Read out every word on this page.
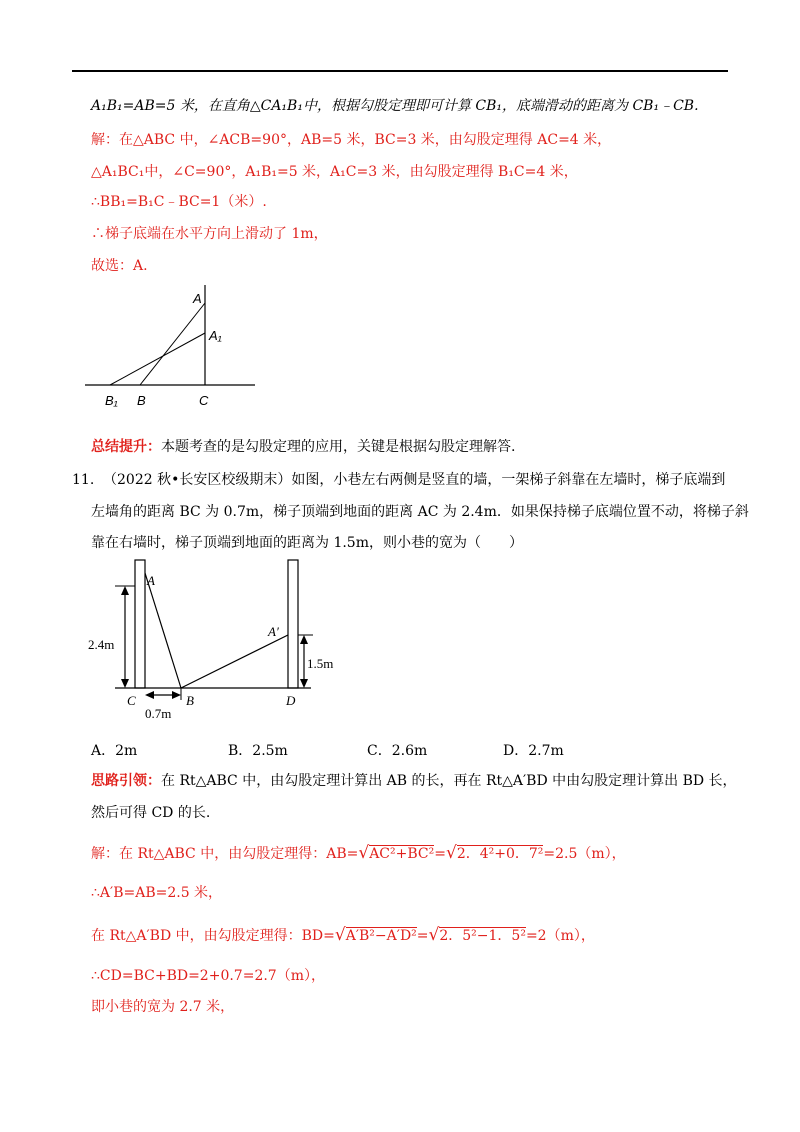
A₁B₁=AB=5 米，在直角△CA₁B₁中，根据勾股定理即可计算 CB₁，底端滑动的距离为 CB₁﹣CB.
解：在△ABC 中，∠ACB=90°，AB=5 米，BC=3 米，由勾股定理得 AC=4 米，
△A₁BC₁中，∠C=90°，A₁B₁=5 米，A₁C=3 米，由勾股定理得 B₁C=4 米，
∴BB₁=B₁C﹣BC=1（米）.
∴梯子底端在水平方向上滑动了 1m，
故选：A.
A
A₁
B₁ B	C
总结提升：本题考查的是勾股定理的应用，关键是根据勾股定理解答.
11. （2022 秋•长安区校级期末）如图，小巷左右两侧是竖直的墙，一架梯子斜靠在左墙时，梯子底端到
左墙角的距离 BC 为 0.7m，梯子顶端到地面的距离 AC 为 2.4m．如果保持梯子底端位置不动，将梯子斜
靠在右墙时，梯子顶端到地面的距离为 1.5m，则小巷的宽为（　　）
A
A′
C	B	D
2.4m
1.5m
0.7m
A．2m	B．2.5m	C．2.6m	D．2.7m
思路引领：在 Rt△ABC 中，由勾股定理计算出 AB 的长，再在 Rt△A′BD 中由勾股定理计算出 BD 长，
然后可得 CD 的长.
解：在 Rt△ABC 中，由勾股定理得：AB=√AC²+BC²=√2．4²+0．7²=2.5（m），
∴A′B=AB=2.5 米，
在 Rt△A′BD 中，由勾股定理得：BD=√A′B²−A′D²=√2．5²−1．5²=2（m），
∴CD=BC+BD=2+0.7=2.7（m），
即小巷的宽为 2.7 米，
